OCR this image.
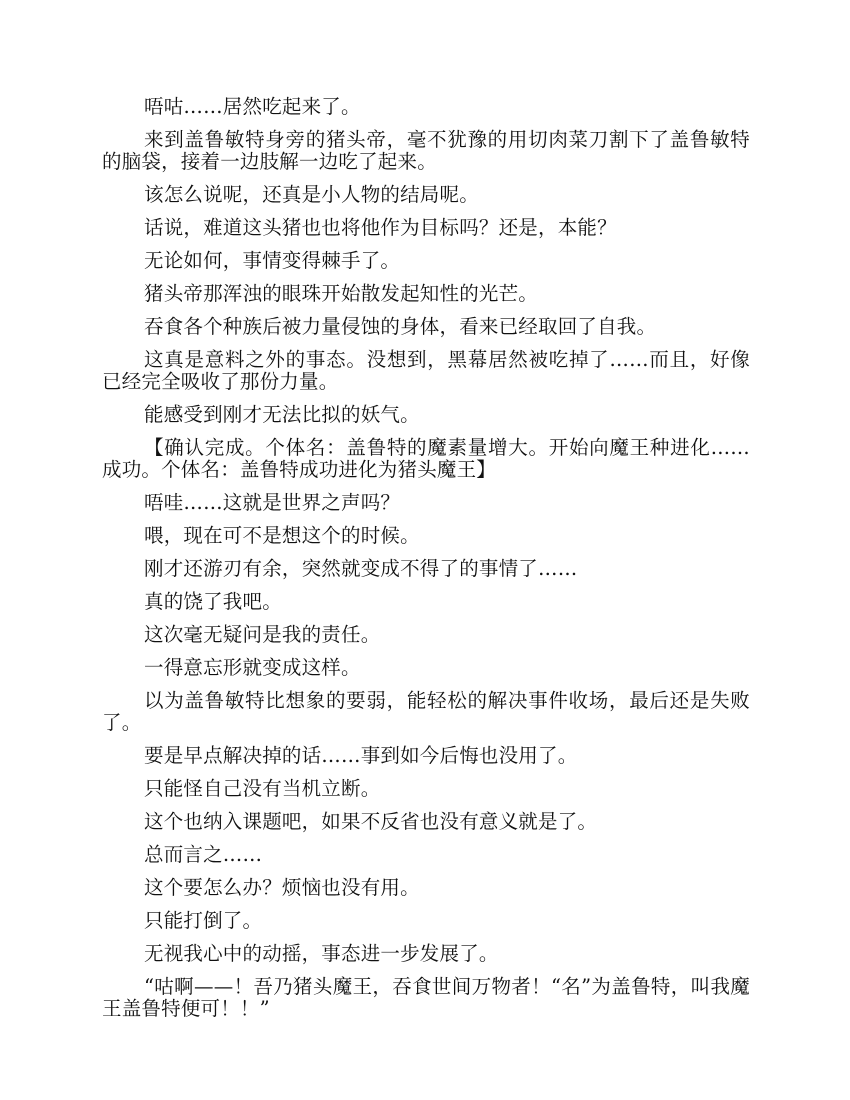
唔咕……居然吃起来了。

来到盖鲁敏特身旁的猪头帝，毫不犹豫的用切肉菜刀割下了盖鲁敏特的脑袋，接着一边肢解一边吃了起来。

该怎么说呢，还真是小人物的结局呢。

话说，难道这头猪也也将他作为目标吗？还是，本能？

无论如何，事情变得棘手了。

猪头帝那浑浊的眼珠开始散发起知性的光芒。

吞食各个种族后被力量侵蚀的身体，看来已经取回了自我。

这真是意料之外的事态。没想到，黑幕居然被吃掉了……而且，好像已经完全吸收了那份力量。

能感受到刚才无法比拟的妖气。

【确认完成。个体名：盖鲁特的魔素量增大。开始向魔王种进化……成功。个体名：盖鲁特成功进化为猪头魔王】

唔哇……这就是世界之声吗？

喂，现在可不是想这个的时候。

刚才还游刃有余，突然就变成不得了的事情了……

真的饶了我吧。

这次毫无疑问是我的责任。

一得意忘形就变成这样。

以为盖鲁敏特比想象的要弱，能轻松的解决事件收场，最后还是失败了。

要是早点解决掉的话……事到如今后悔也没用了。

只能怪自己没有当机立断。

这个也纳入课题吧，如果不反省也没有意义就是了。

总而言之……

这个要怎么办？烦恼也没有用。

只能打倒了。

无视我心中的动摇，事态进一步发展了。

“咕啊——！吾乃猪头魔王，吞食世间万物者！“名”为盖鲁特，叫我魔王盖鲁特便可！！”
